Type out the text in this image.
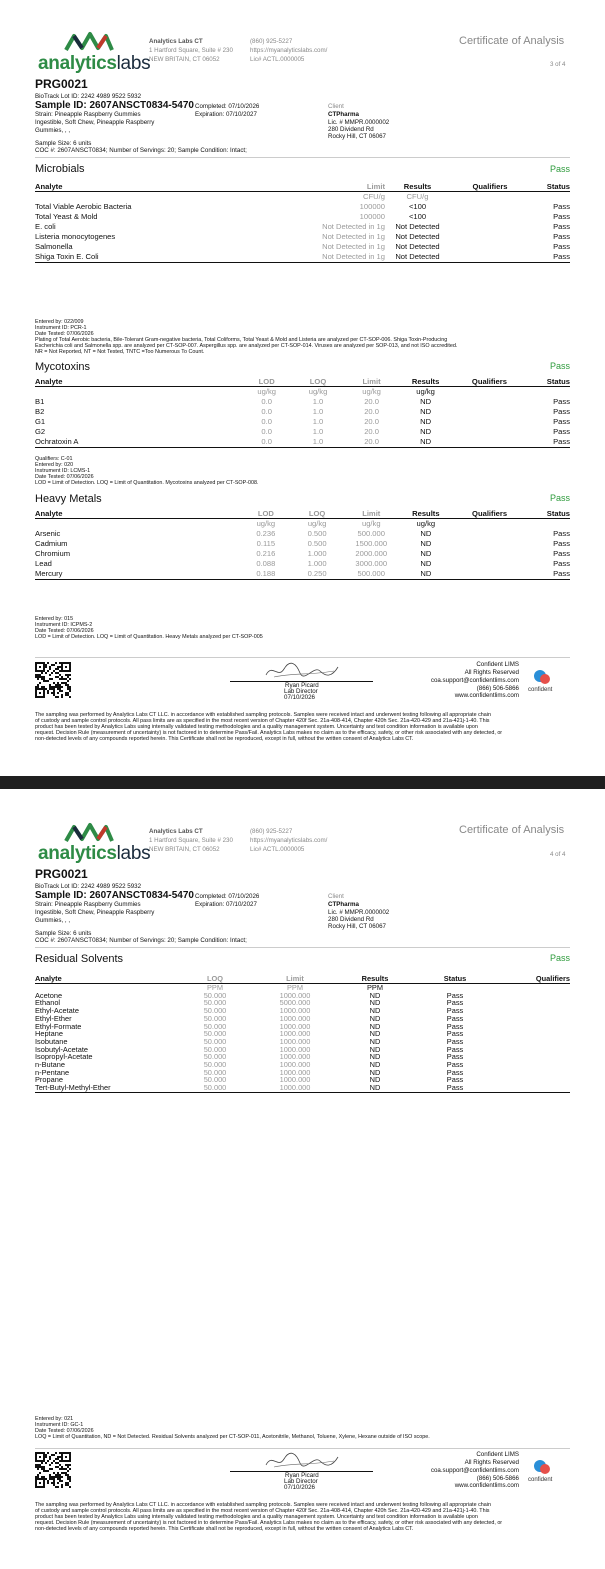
analyticslabs
Analytics Labs CT
1 Hartford Square, Suite # 230
NEW BRITAIN, CT 06052
(860) 925-5227
https://myanalyticslabs.com/
Lic# ACTL.0000005
Certificate of Analysis
3 of 4
PRG0021
BioTrack Lot ID: 2242 4989 9522 5932
Sample ID: 2607ANSCT0834-5470 Completed: 07/10/2026
Expiration: 07/10/2027
Strain: Pineapple Raspberry Gummies
Ingestible, Soft Chew, Pineapple Raspberry
Gummies, , ,
Sample Size: 6 units
COC #: 2607ANSCT0834; Number of Servings: 20; Sample Condition: Intact;
Client
CTPharma
Lic. # MMPR.0000002
280 Dividend Rd
Rocky Hill, CT 06067
Microbials	Pass
Analyte	Limit	Results	Qualifiers	Status
	CFU/g	CFU/g		
Total Viable Aerobic Bacteria	100000	<100		Pass
Total Yeast & Mold	100000	<100		Pass
E. coli	Not Detected in 1g	Not Detected		Pass
Listeria monocytogenes	Not Detected in 1g	Not Detected		Pass
Salmonella	Not Detected in 1g	Not Detected		Pass
Shiga Toxin E. Coli	Not Detected in 1g	Not Detected		Pass
Entered by: 022/009
Instrument ID: PCR-1
Date Tested: 07/06/2026
Plating of Total Aerobic bacteria, Bile-Tolerant Gram-negative bacteria, Total Coliforms, Total Yeast & Mold and Listeria are analyzed per CT-SOP-006. Shiga Toxin-Producing
Escherichia coli and Salmonella spp. are analyzed per CT-SOP-007. Aspergillus spp. are analyzed per CT-SOP-014. Viruses are analyzed per SOP-013, and not ISO accredited.
NR = Not Reported, NT = Not Tested, TNTC =Too Numerous To Count.
Mycotoxins	Pass
Analyte	LOD	LOQ	Limit	Results	Qualifiers	Status
	ug/kg	ug/kg	ug/kg	ug/kg		
B1	0.0	1.0	20.0	ND		Pass
B2	0.0	1.0	20.0	ND		Pass
G1	0.0	1.0	20.0	ND		Pass
G2	0.0	1.0	20.0	ND		Pass
Ochratoxin A	0.0	1.0	20.0	ND		Pass
Qualifiers: C-01
Entered by: 020
Instrument ID: LCMS-1
Date Tested: 07/06/2026
LOD = Limit of Detection. LOQ = Limit of Quantitation. Mycotoxins analyzed per CT-SOP-008.
Heavy Metals	Pass
Analyte	LOD	LOQ	Limit	Results	Qualifiers	Status
	ug/kg	ug/kg	ug/kg	ug/kg		
Arsenic	0.236	0.500	500.000	ND		Pass
Cadmium	0.115	0.500	1500.000	ND		Pass
Chromium	0.216	1.000	2000.000	ND		Pass
Lead	0.088	1.000	3000.000	ND		Pass
Mercury	0.188	0.250	500.000	ND		Pass
Entered by: 015
Instrument ID: ICPMS-2
Date Tested: 07/06/2026
LOD = Limit of Detection. LOQ = Limit of Quantitation. Heavy Metals analyzed per CT-SOP-005
Ryan Picard
Lab Director
07/10/2026
Confident LIMS
All Rights Reserved
coa.support@confidentlims.com
(866) 506-5866
www.confidentlims.com
confident
The sampling was performed by Analytics Labs CT LLC. in accordance with established sampling protocols. Samples were received intact and underwent testing following all appropriate chain
of custody and sample control protocols. All pass limits are as specified in the most recent version of Chapter 420f Sec. 21a-408-414, Chapter 420h Sec. 21a-420-429 and 21a-421j-1-40. This
product has been tested by Analytics Labs using internally validated testing methodologies and a quality management system. Uncertainty and test condition information is available upon
request. Decision Rule (measurement of uncertainty) is not factored in to determine Pass/Fail. Analytics Labs makes no claim as to the efficacy, safety, or other risk associated with any detected, or
non-detected levels of any compounds reported herein. This Certificate shall not be reproduced, except in full, without the written consent of Analytics Labs CT.
analyticslabs
Analytics Labs CT
1 Hartford Square, Suite # 230
NEW BRITAIN, CT 06052
(860) 925-5227
https://myanalyticslabs.com/
Lic# ACTL.0000005
Certificate of Analysis
4 of 4
PRG0021
BioTrack Lot ID: 2242 4989 9522 5932
Sample ID: 2607ANSCT0834-5470 Completed: 07/10/2026
Expiration: 07/10/2027
Strain: Pineapple Raspberry Gummies
Ingestible, Soft Chew, Pineapple Raspberry
Gummies, , ,
Sample Size: 6 units
COC #: 2607ANSCT0834; Number of Servings: 20; Sample Condition: Intact;
Client
CTPharma
Lic. # MMPR.0000002
280 Dividend Rd
Rocky Hill, CT 06067
Residual Solvents	Pass
Analyte	LOQ	Limit	Results	Status	Qualifiers
	PPM	PPM	PPM		
Acetone	50.000	1000.000	ND	Pass	
Ethanol	50.000	5000.000	ND	Pass	
Ethyl-Acetate	50.000	1000.000	ND	Pass	
Ethyl-Ether	50.000	1000.000	ND	Pass	
Ethyl-Formate	50.000	1000.000	ND	Pass	
Heptane	50.000	1000.000	ND	Pass	
Isobutane	50.000	1000.000	ND	Pass	
Isobutyl-Acetate	50.000	1000.000	ND	Pass	
Isopropyl-Acetate	50.000	1000.000	ND	Pass	
n-Butane	50.000	1000.000	ND	Pass	
n-Pentane	50.000	1000.000	ND	Pass	
Propane	50.000	1000.000	ND	Pass	
Tert-Butyl-Methyl-Ether	50.000	1000.000	ND	Pass	
Entered by: 021
Instrument ID: GC-1
Date Tested: 07/06/2026
LOQ = Limit of Quantitation, ND = Not Detected. Residual Solvents analyzed per CT-SOP-011, Acetonitrile, Methanol, Toluene, Xylene, Hexane outside of ISO scope.
Ryan Picard
Lab Director
07/10/2026
Confident LIMS
All Rights Reserved
coa.support@confidentlims.com
(866) 506-5866
www.confidentlims.com
confident
The sampling was performed by Analytics Labs CT LLC. in accordance with established sampling protocols. Samples were received intact and underwent testing following all appropriate chain
of custody and sample control protocols. All pass limits are as specified in the most recent version of Chapter 420f Sec. 21a-408-414, Chapter 420h Sec. 21a-420-429 and 21a-421j-1-40. This
product has been tested by Analytics Labs using internally validated testing methodologies and a quality management system. Uncertainty and test condition information is available upon
request. Decision Rule (measurement of uncertainty) is not factored in to determine Pass/Fail. Analytics Labs makes no claim as to the efficacy, safety, or other risk associated with any detected, or
non-detected levels of any compounds reported herein. This Certificate shall not be reproduced, except in full, without the written consent of Analytics Labs CT.
